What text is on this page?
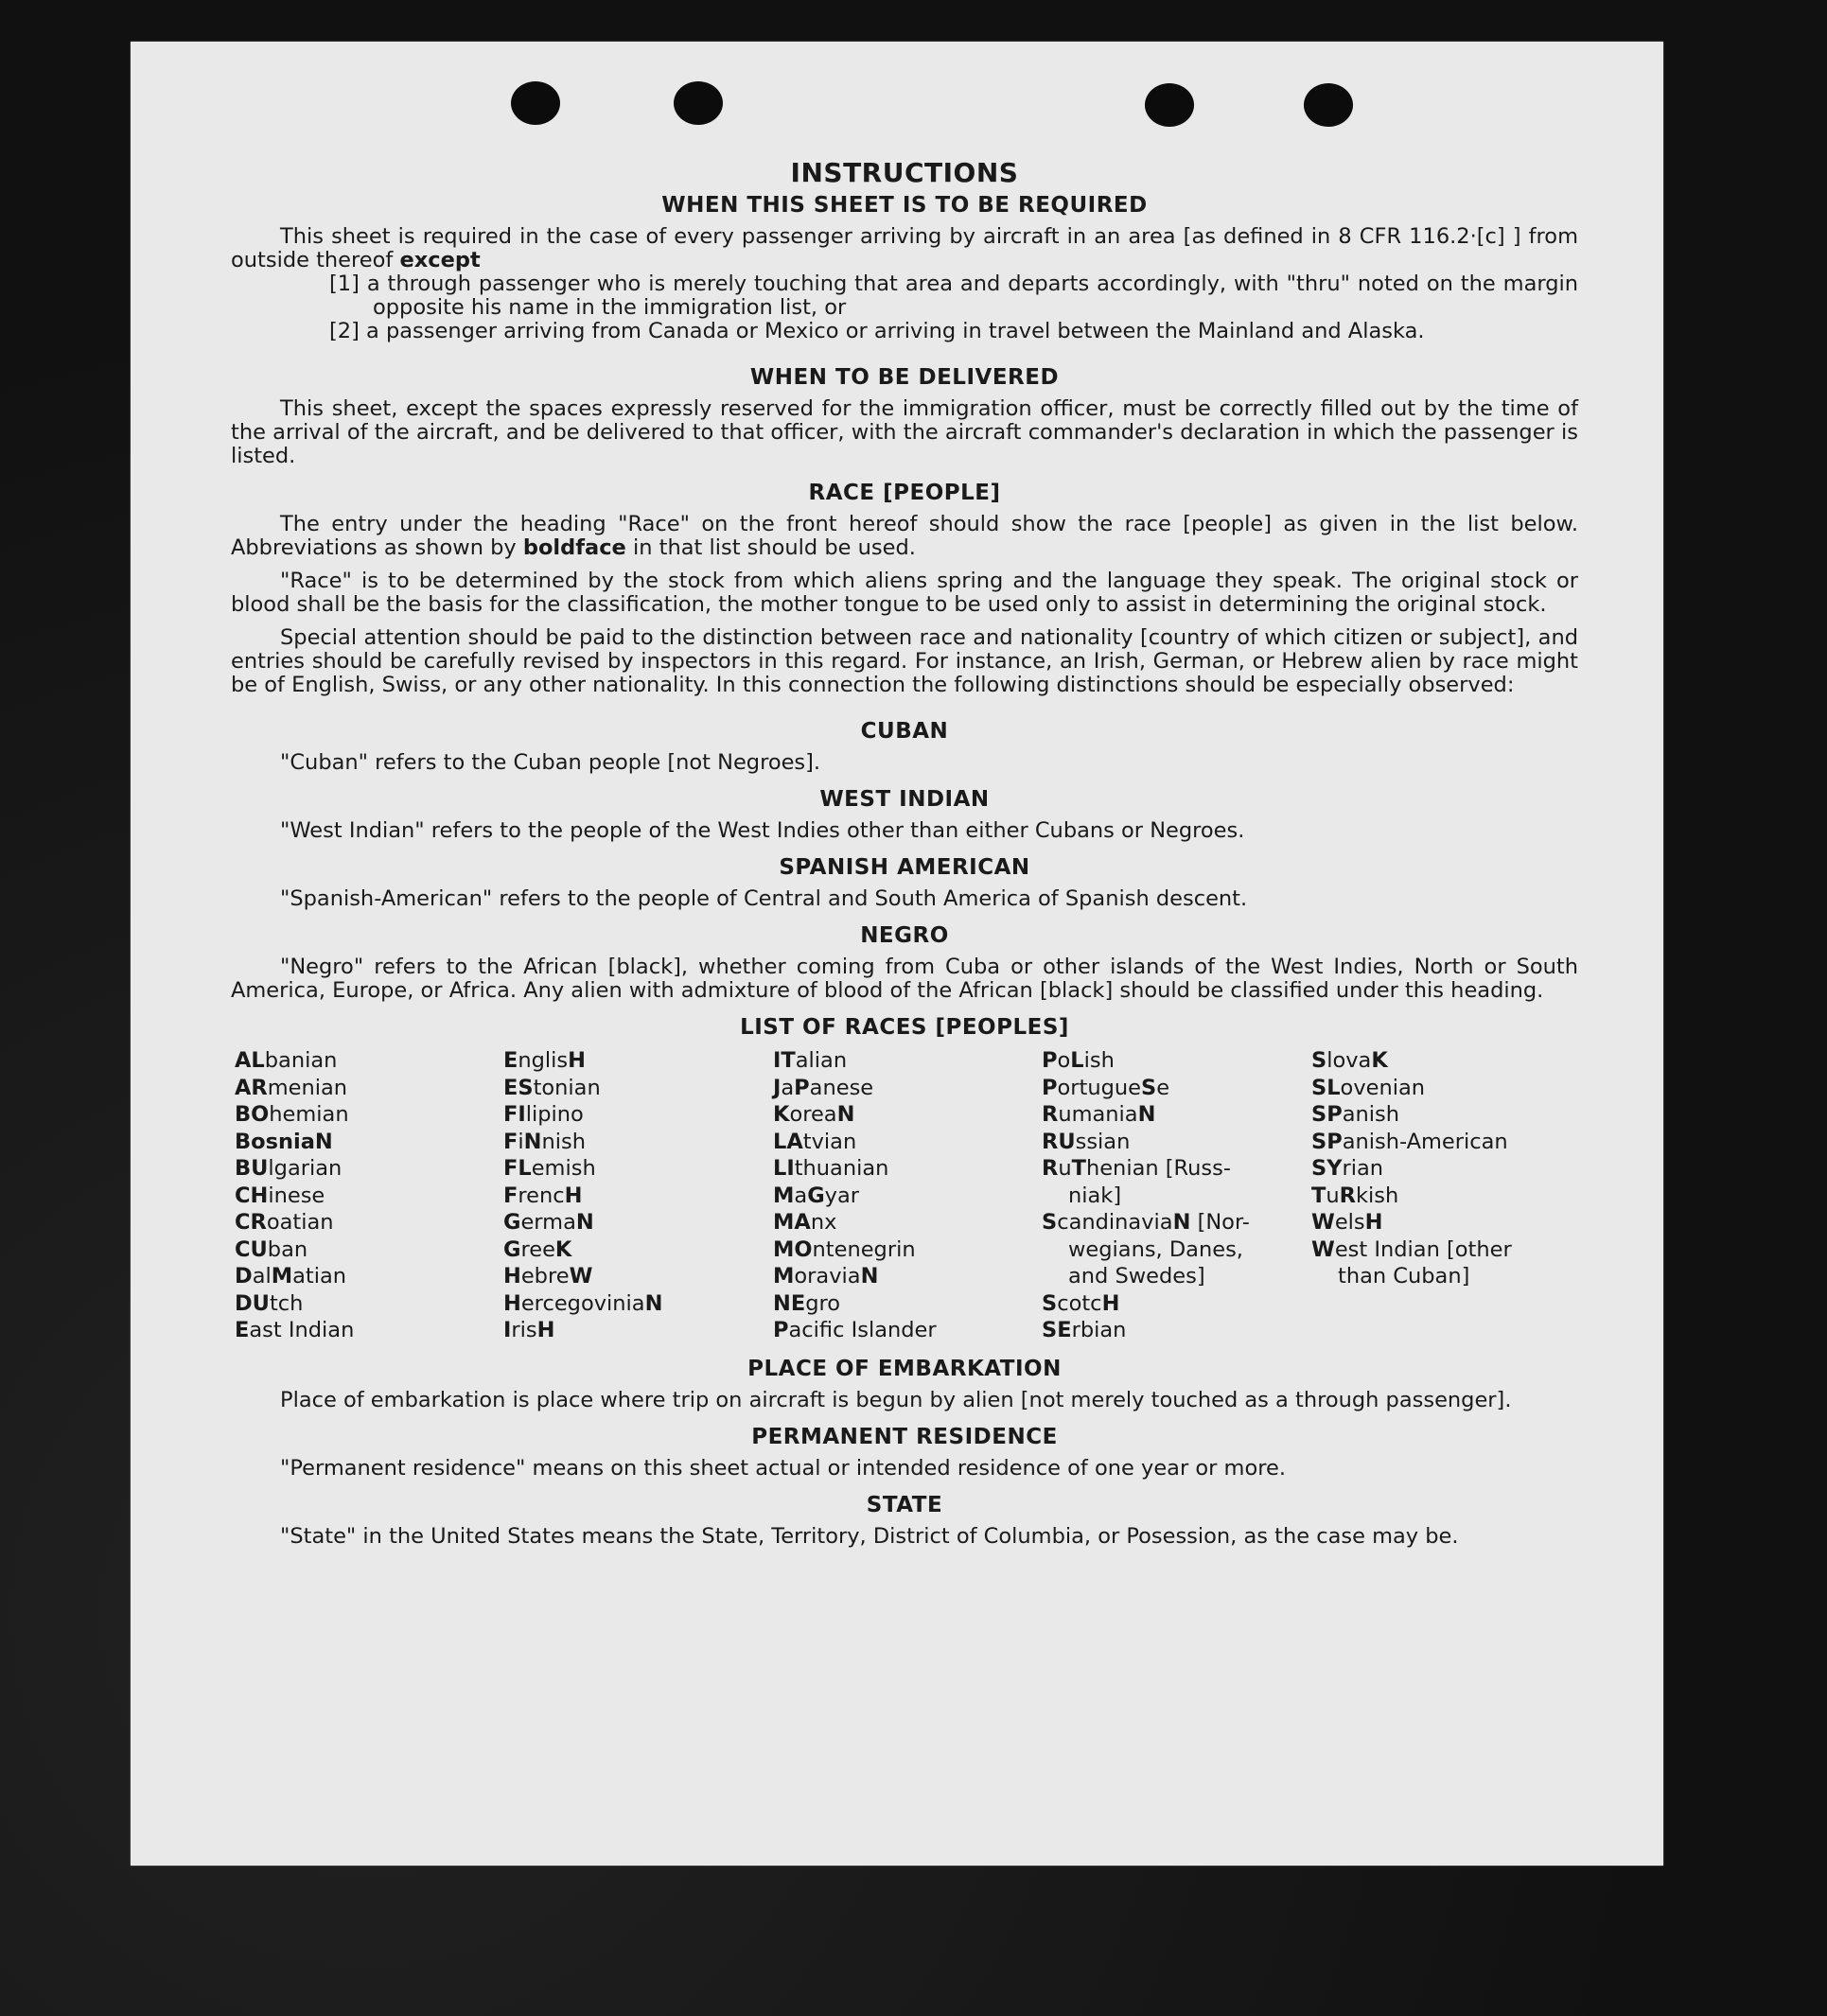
INSTRUCTIONS
WHEN THIS SHEET IS TO BE REQUIRED

This sheet is required in the case of every passenger arriving by aircraft in an area [as defined in 8 CFR 116.2·[c] ] from outside thereof except

[1] a through passenger who is merely touching that area and departs accordingly, with "thru" noted on the margin opposite his name in the immigration list, or

[2] a passenger arriving from Canada or Mexico or arriving in travel between the Mainland and Alaska.

WHEN TO BE DELIVERED

This sheet, except the spaces expressly reserved for the immigration officer, must be correctly filled out by the time of the arrival of the aircraft, and be delivered to that officer, with the aircraft commander's declaration in which the passenger is listed.

RACE [PEOPLE]

The entry under the heading "Race" on the front hereof should show the race [people] as given in the list below. Abbreviations as shown by boldface in that list should be used.

"Race" is to be determined by the stock from which aliens spring and the language they speak. The original stock or blood shall be the basis for the classification, the mother tongue to be used only to assist in determining the original stock.

Special attention should be paid to the distinction between race and nationality [country of which citizen or subject], and entries should be carefully revised by inspectors in this regard. For instance, an Irish, German, or Hebrew alien by race might be of English, Swiss, or any other nationality. In this connection the following distinctions should be especially observed:

CUBAN

"Cuban" refers to the Cuban people [not Negroes].

WEST INDIAN

"West Indian" refers to the people of the West Indies other than either Cubans or Negroes.

SPANISH AMERICAN

"Spanish-American" refers to the people of Central and South America of Spanish descent.

NEGRO

"Negro" refers to the African [black], whether coming from Cuba or other islands of the West Indies, North or South America, Europe, or Africa. Any alien with admixture of blood of the African [black] should be classified under this heading.

LIST OF RACES [PEOPLES]
ALbanian
ARmenian
BOhemian
BosniaN
BUlgarian
CHinese
CRoatian
CUban
DalMatian
DUtch
East Indian
EnglisH
EStonian
FIlipino
FiNnish
FLemish
FrencH
GermaN
GreeK
HebreW
HercegoviniaN
IrisH
ITalian
JaPanese
KoreaN
LAtvian
LIthuanian
MaGyar
MAnx
MOntenegrin
MoraviaN
NEgro
Pacific Islander
PoLish
PortugueSe
RumaniaN
RUssian
RuThenian [Russ-
niak]
ScandinaviaN [Nor-
wegians, Danes,
and Swedes]
ScotcH
SErbian
SlovaK
SLovenian
SPanish
SPanish-American
SYrian
TuRkish
WelsH
West Indian [other
than Cuban]
PLACE OF EMBARKATION

Place of embarkation is place where trip on aircraft is begun by alien [not merely touched as a through passenger].

PERMANENT RESIDENCE

"Permanent residence" means on this sheet actual or intended residence of one year or more.

STATE

"State" in the United States means the State, Territory, District of Columbia, or Posession, as the case may be.
